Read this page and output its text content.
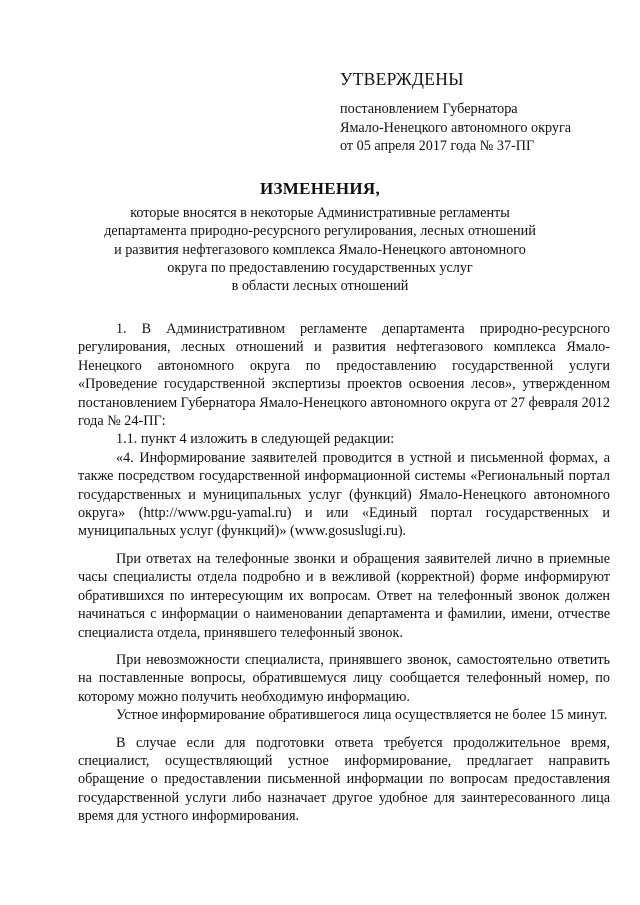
УТВЕРЖДЕНЫ
постановлением Губернатора
Ямало-Ненецкого автономного округа
от 05 апреля 2017 года № 37-ПГ
ИЗМЕНЕНИЯ,
которые вносятся в некоторые Административные регламенты
департамента природно-ресурсного регулирования, лесных отношений
и развития нефтегазового комплекса Ямало-Ненецкого автономного
округа по предоставлению государственных услуг
в области лесных отношений

1. В Административном регламенте департамента природно-ресурсного регулирования, лесных отношений и развития нефтегазового комплекса Ямало-Ненецкого автономного округа по предоставлению государственной услуги «Проведение государственной экспертизы проектов освоения лесов», утвержденном постановлением Губернатора Ямало-Ненецкого автономного округа от 27 февраля 2012 года № 24-ПГ:

1.1. пункт 4 изложить в следующей редакции:

«4. Информирование заявителей проводится в устной и письменной формах, а также посредством государственной информационной системы «Региональный портал государственных и муниципальных услуг (функций) Ямало-Ненецкого автономного округа» (http://www.pgu-yamal.ru) и или «Единый портал государственных и муниципальных услуг (функций)» (www.gosuslugi.ru).

При ответах на телефонные звонки и обращения заявителей лично в приемные часы специалисты отдела подробно и в вежливой (корректной) форме информируют обратившихся по интересующим их вопросам. Ответ на телефонный звонок должен начинаться с информации о наименовании департамента и фамилии, имени, отчестве специалиста отдела, принявшего телефонный звонок.

При невозможности специалиста, принявшего звонок, самостоятельно ответить на поставленные вопросы, обратившемуся лицу сообщается телефонный номер, по которому можно получить необходимую информацию.

Устное информирование обратившегося лица осуществляется не более 15 минут.

В случае если для подготовки ответа требуется продолжительное время, специалист, осуществляющий устное информирование, предлагает направить обращение о предоставлении письменной информации по вопросам предоставления государственной услуги либо назначает другое удобное для заинтересованного лица время для устного информирования.
